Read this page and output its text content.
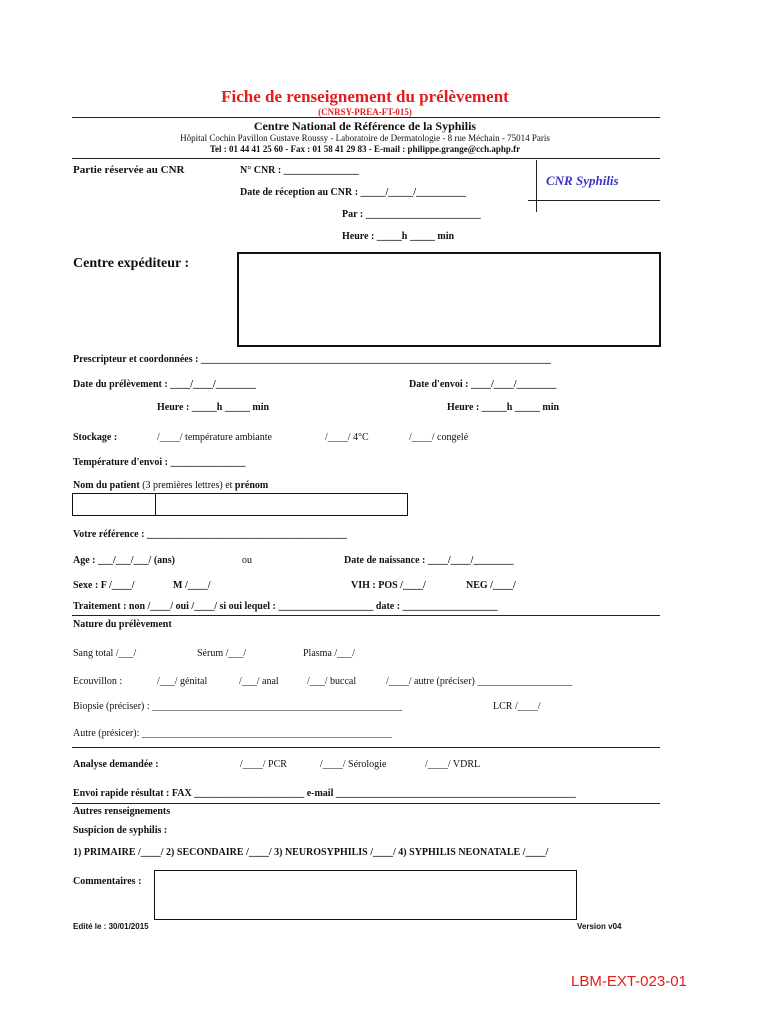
Fiche de renseignement du prélèvement
(CNRSY-PREA-FT-015)
Centre National de Référence de la Syphilis
Hôpital Cochin Pavillon Gustave Roussy - Laboratoire de Dermatologie - 8 rue Méchain - 75014 Paris
Tel : 01 44 41 25 60 - Fax : 01 58 41 29 83 - E-mail : philippe.grange@cch.aphp.fr
Partie réservée au CNR	N° CNR : _______________
Date de réception au CNR : _____/_____/__________
Par : _______________________
Heure : _____h _____ min
CNR Syphilis
Centre expéditeur :
Prescripteur et coordonnées : ______________________________________________________________________
Date du prélèvement : ____/____/________
Heure : _____h _____ min
Date d'envoi : ____/____/________
Heure : _____h _____ min
Stockage :	/____/ température ambiante	/____/ 4°C	/____/ congelé
Température d'envoi : _______________
Nom du patient (3 premières lettres) et prénom
Votre référence : ________________________________________
Age : ___/___/___/ (ans)	ou	Date de naissance : ____/____/________
Sexe : F /____/	M /____/	VIH : POS /____/	NEG /____/
Traitement : non /____/ oui /____/ si oui lequel : ___________________ date : ___________________
Nature du prélèvement
Sang total /___/	Sérum /___/	Plasma /___/
Ecouvillon :	/___/ génital	/___/ anal	/___/ buccal	/____/ autre (préciser) ___________________
Biopsie (préciser) : __________________________________________________	LCR /____/
Autre (présicer): __________________________________________________
Analyse demandée :	/____/ PCR	/____/ Sérologie	/____/ VDRL
Envoi rapide résultat : FAX ______________________ e-mail ________________________________________________
Autres renseignements
Suspicion de syphilis :
1) PRIMAIRE /____/ 2) SECONDAIRE /____/ 3) NEUROSYPHILIS /____/ 4) SYPHILIS NEONATALE /____/
Commentaires :
Edité le : 30/01/2015	Version v04
LBM-EXT-023-01
